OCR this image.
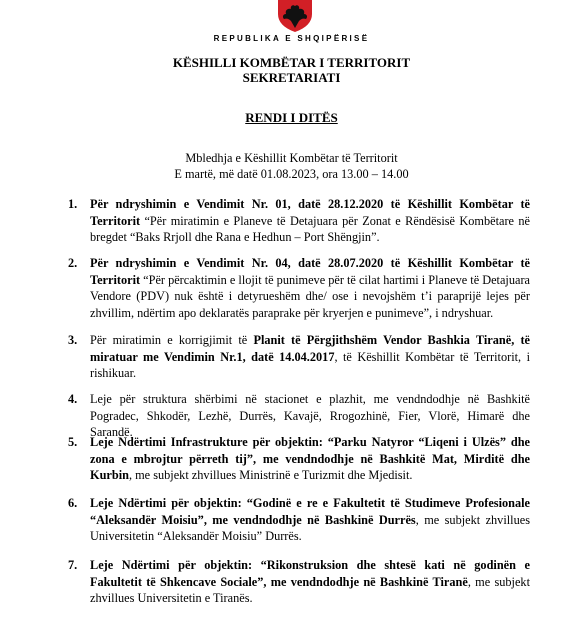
REPUBLIKA E SHQIPËRISË
KËSHILLI KOMBËTAR I TERRITORIT
SEKRETARIATI
RENDI I DITËS
Mbledhja e Këshillit Kombëtar të Territorit
E martë, më datë 01.08.2023, ora 13.00 – 14.00
1. Për ndryshimin e Vendimit Nr. 01, datë 28.12.2020 të Këshillit Kombëtar të Territorit “Për miratimin e Planeve të Detajuara për Zonat e Rëndësisë Kombëtare në bregdet “Baks Rrjoll dhe Rana e Hedhun – Port Shëngjin”.
2. Për ndryshimin e Vendimit Nr. 04, datë 28.07.2020 të Këshillit Kombëtar të Territorit “Për përcaktimin e llojit të punimeve për të cilat hartimi i Planeve të Detajuara Vendore (PDV) nuk është i detyrueshëm dhe/ ose i nevojshëm t’i paraprijë lejes për zhvillim, ndërtim apo deklaratës paraprake për kryerjen e punimeve”, i ndryshuar.
3. Për miratimin e korrigjimit të Planit të Përgjithshëm Vendor Bashkia Tiranë, të miratuar me Vendimin Nr.1, datë 14.04.2017, të Këshillit Kombëtar të Territorit, i rishikuar.
4. Leje për struktura shërbimi në stacionet e plazhit, me vendndodhje në Bashkitë Pogradec, Shkodër, Lezhë, Durrës, Kavajë, Rrogozhinë, Fier, Vlorë, Himarë dhe Sarandë.
5. Leje Ndërtimi Infrastrukture për objektin: “Parku Natyror “Liqeni i Ulzës” dhe zona e mbrojtur përreth tij”, me vendndodhje në Bashkitë Mat, Mirditë dhe Kurbin, me subjekt zhvillues Ministrinë e Turizmit dhe Mjedisit.
6. Leje Ndërtimi për objektin: “Godinë e re e Fakultetit të Studimeve Profesionale “Aleksandër Moisiu”, me vendndodhje në Bashkinë Durrës, me subjekt zhvillues Universitetin “Aleksandër Moisiu” Durrës.
7. Leje Ndërtimi për objektin: “Rikonstruksion dhe shtesë kati në godinën e Fakultetit të Shkencave Sociale”, me vendndodhje në Bashkinë Tiranë, me subjekt zhvillues Universitetin e Tiranës.
